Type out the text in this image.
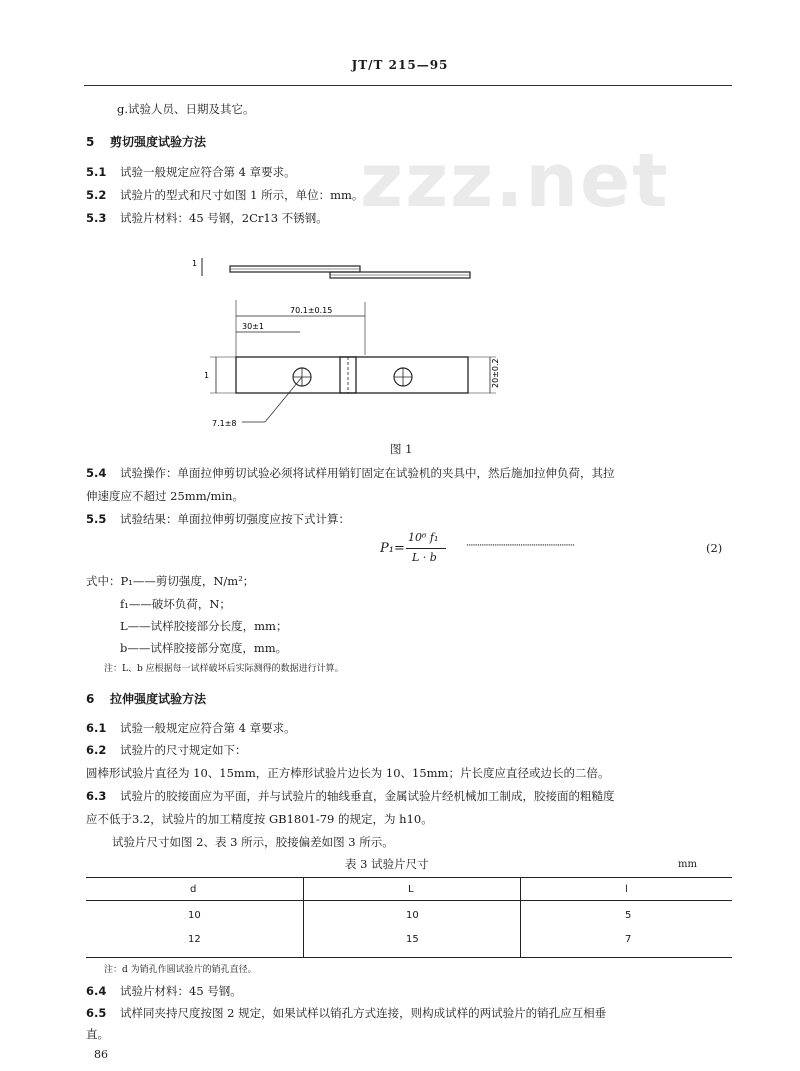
JT/T 215—95
zzz.net
g.试验人员、日期及其它。
5 剪切强度试验方法
5.1 试验一般规定应符合第 4 章要求。
5.2 试验片的型式和尺寸如图 1 所示，单位：mm。
5.3 试验片材料：45 号钢，2Cr13 不锈钢。
1
70.1±0.15
30±1
1	20±0.2
7.1±8
图 1
5.4 试验操作：单面拉伸剪切试验必须将试样用销钉固定在试验机的夹具中，然后施加拉伸负荷，其拉
伸速度应不超过 25mm/min。
5.5 试验结果：单面拉伸剪切强度应按下式计算：
P₁=
10⁶ f₁
L · b
··························································	(2)
式中：P₁——剪切强度，N/m²；
f₁——破坏负荷，N；
L——试样胶接部分长度，mm；
b——试样胶接部分宽度，mm。
注：L、b 应根据每一试样破坏后实际测得的数据进行计算。
6 拉伸强度试验方法
6.1 试验一般规定应符合第 4 章要求。
6.2 试验片的尺寸规定如下：
圆棒形试验片直径为 10、15mm，正方棒形试验片边长为 10、15mm；片长度应直径或边长的二倍。
6.3 试验片的胶接面应为平面，并与试验片的轴线垂直，金属试验片经机械加工制成，胶接面的粗糙度
应不低于3.2，试验片的加工精度按 GB1801-79 的规定，为 h10。
试验片尺寸如图 2、表 3 所示，胶接偏差如图 3 所示。
表 3 试验片尺寸	mm
d	L	l
10	10	5
12	15	7
注：d 为销孔作圆试验片的销孔直径。
6.4 试验片材料：45 号钢。
6.5 试样同夹持尺度按图 2 规定，如果试样以销孔方式连接，则构成试样的两试验片的销孔应互相垂
直。
86
